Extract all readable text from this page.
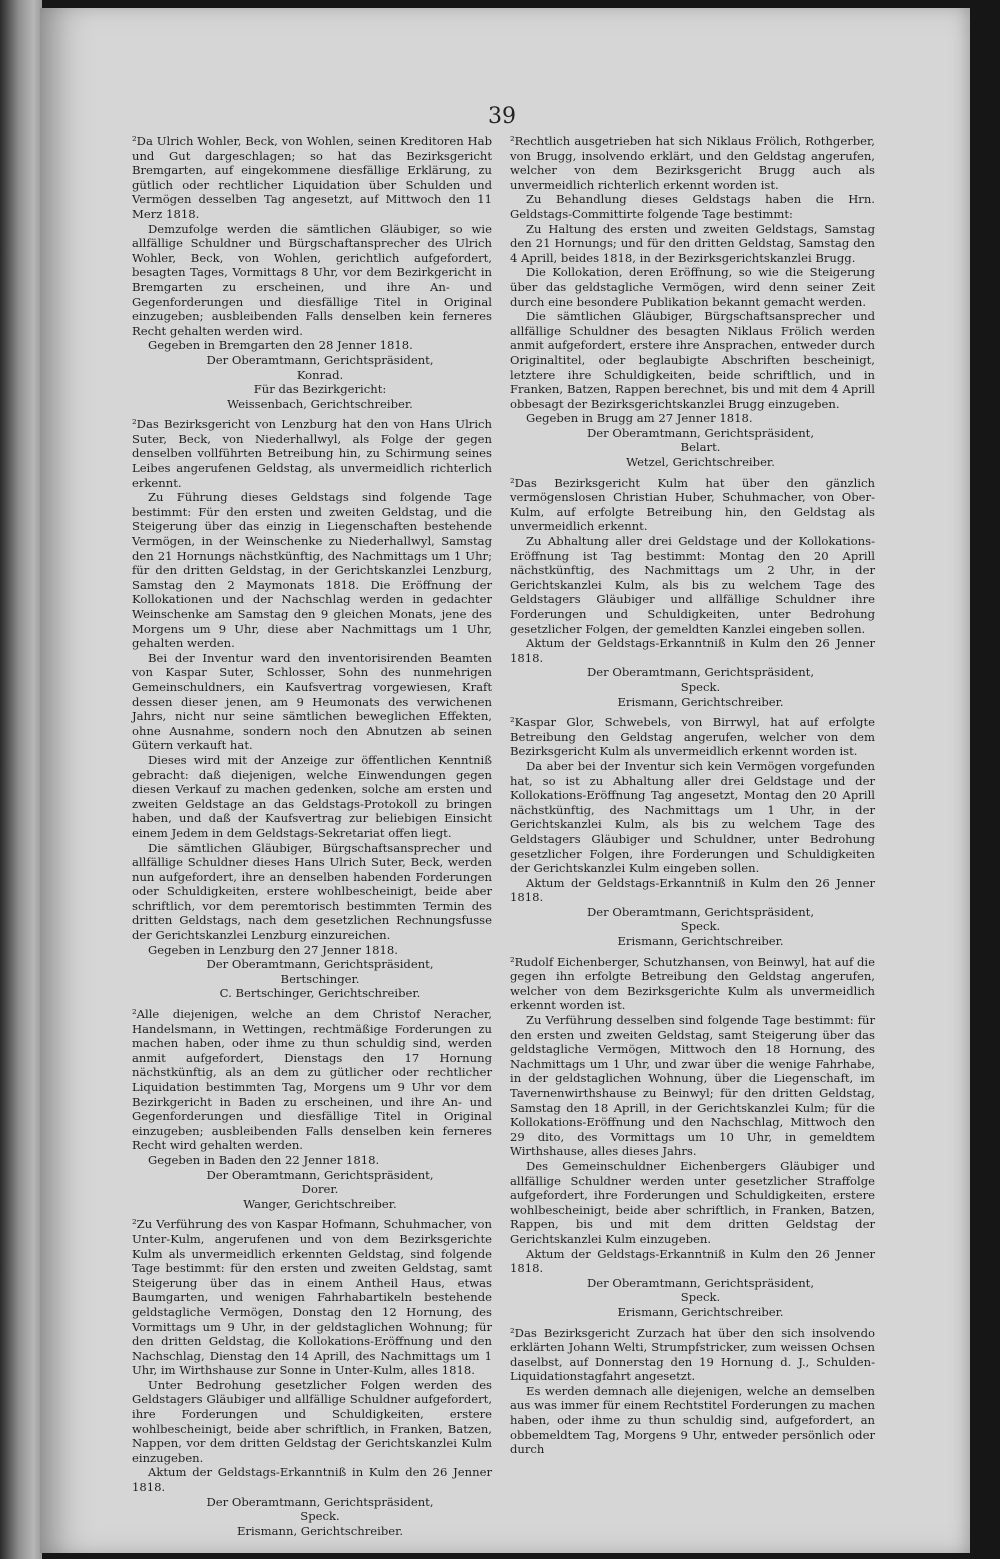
39

²Da Ulrich Wohler, Beck, von Wohlen, seinen Kreditoren Hab und Gut dargeschlagen; so hat das Bezirksgericht Bremgarten, auf eingekommene diesfällige Erklärung, zu gütlich oder rechtlicher Liquidation über Schulden und Vermögen desselben Tag angesetzt, auf Mittwoch den 11 Merz 1818.

Demzufolge werden die sämtlichen Gläubiger, so wie allfällige Schuldner und Bürgschaftansprecher des Ulrich Wohler, Beck, von Wohlen, gerichtlich aufgefordert, besagten Tages, Vormittags 8 Uhr, vor dem Bezirkgericht in Bremgarten zu erscheinen, und ihre An- und Gegenforderungen und diesfällige Titel in Original einzugeben; ausbleibenden Falls denselben kein ferneres Recht gehalten werden wird.

Gegeben in Bremgarten den 28 Jenner 1818.

Der Oberamtmann, Gerichtspräsident,

Konrad.

Für das Bezirkgericht:

Weissenbach, Gerichtschreiber.

²Das Bezirksgericht von Lenzburg hat den von Hans Ulrich Suter, Beck, von Niederhallwyl, als Folge der gegen denselben vollführten Betreibung hin, zu Schirmung seines Leibes angerufenen Geldstag, als unvermeidlich richterlich erkennt.

Zu Führung dieses Geldstags sind folgende Tage bestimmt: Für den ersten und zweiten Geldstag, und die Steigerung über das einzig in Liegenschaften bestehende Vermögen, in der Weinschenke zu Niederhallwyl, Samstag den 21 Hornungs nächstkünftig, des Nachmittags um 1 Uhr; für den dritten Geldstag, in der Gerichtskanzlei Lenzburg, Samstag den 2 Maymonats 1818. Die Eröffnung der Kollokationen und der Nachschlag werden in gedachter Weinschenke am Samstag den 9 gleichen Monats, jene des Morgens um 9 Uhr, diese aber Nachmittags um 1 Uhr, gehalten werden.

Bei der Inventur ward den inventorisirenden Beamten von Kaspar Suter, Schlosser, Sohn des nunmehrigen Gemeinschuldners, ein Kaufsvertrag vorgewiesen, Kraft dessen dieser jenen, am 9 Heumonats des verwichenen Jahrs, nicht nur seine sämtlichen beweglichen Effekten, ohne Ausnahme, sondern noch den Abnutzen ab seinen Gütern verkauft hat.

Dieses wird mit der Anzeige zur öffentlichen Kenntniß gebracht: daß diejenigen, welche Einwendungen gegen diesen Verkauf zu machen gedenken, solche am ersten und zweiten Geldstage an das Geldstags-Protokoll zu bringen haben, und daß der Kaufsvertrag zur beliebigen Einsicht einem Jedem in dem Geldstags-Sekretariat offen liegt.

Die sämtlichen Gläubiger, Bürgschaftsansprecher und allfällige Schuldner dieses Hans Ulrich Suter, Beck, werden nun aufgefordert, ihre an denselben habenden Forderungen oder Schuldigkeiten, erstere wohlbescheinigt, beide aber schriftlich, vor dem peremtorisch bestimmten Termin des dritten Geldstags, nach dem gesetzlichen Rechnungsfusse der Gerichtskanzlei Lenzburg einzureichen.

Gegeben in Lenzburg den 27 Jenner 1818.

Der Oberamtmann, Gerichtspräsident,

Bertschinger.

C. Bertschinger, Gerichtschreiber.

²Alle diejenigen, welche an dem Christof Neracher, Handelsmann, in Wettingen, rechtmäßige Forderungen zu machen haben, oder ihme zu thun schuldig sind, werden anmit aufgefordert, Dienstags den 17 Hornung nächstkünftig, als an dem zu gütlicher oder rechtlicher Liquidation bestimmten Tag, Morgens um 9 Uhr vor dem Bezirkgericht in Baden zu erscheinen, und ihre An- und Gegenforderungen und diesfällige Titel in Original einzugeben; ausbleibenden Falls denselben kein ferneres Recht wird gehalten werden.

Gegeben in Baden den 22 Jenner 1818.

Der Oberamtmann, Gerichtspräsident,

Dorer.

Wanger, Gerichtschreiber.

²Zu Verführung des von Kaspar Hofmann, Schuhmacher, von Unter-Kulm, angerufenen und von dem Bezirksgerichte Kulm als unvermeidlich erkennten Geldstag, sind folgende Tage bestimmt: für den ersten und zweiten Geldstag, samt Steigerung über das in einem Antheil Haus, etwas Baumgarten, und wenigen Fahrhabartikeln bestehende geldstagliche Vermögen, Donstag den 12 Hornung, des Vormittags um 9 Uhr, in der geldstaglichen Wohnung; für den dritten Geldstag, die Kollokations-Eröffnung und den Nachschlag, Dienstag den 14 Aprill, des Nachmittags um 1 Uhr, im Wirthshause zur Sonne in Unter-Kulm, alles 1818.

Unter Bedrohung gesetzlicher Folgen werden des Geldstagers Gläubiger und allfällige Schuldner aufgefordert, ihre Forderungen und Schuldigkeiten, erstere wohlbescheinigt, beide aber schriftlich, in Franken, Batzen, Nappen, vor dem dritten Geldstag der Gerichtskanzlei Kulm einzugeben.

Aktum der Geldstags-Erkanntniß in Kulm den 26 Jenner 1818.

Der Oberamtmann, Gerichtspräsident,

Speck.

Erismann, Gerichtschreiber.

²Rechtlich ausgetrieben hat sich Niklaus Frölich, Rothgerber, von Brugg, insolvendo erklärt, und den Geldstag angerufen, welcher von dem Bezirksgericht Brugg auch als unvermeidlich richterlich erkennt worden ist.

Zu Behandlung dieses Geldstags haben die Hrn. Geldstags-Committirte folgende Tage bestimmt:

Zu Haltung des ersten und zweiten Geldstags, Samstag den 21 Hornungs; und für den dritten Geldstag, Samstag den 4 Aprill, beides 1818, in der Bezirksgerichtskanzlei Brugg.

Die Kollokation, deren Eröffnung, so wie die Steigerung über das geldstagliche Vermögen, wird denn seiner Zeit durch eine besondere Publikation bekannt gemacht werden.

Die sämtlichen Gläubiger, Bürgschaftsansprecher und allfällige Schuldner des besagten Niklaus Frölich werden anmit aufgefordert, erstere ihre Ansprachen, entweder durch Originaltitel, oder beglaubigte Abschriften bescheinigt, letztere ihre Schuldigkeiten, beide schriftlich, und in Franken, Batzen, Rappen berechnet, bis und mit dem 4 Aprill obbesagt der Bezirksgerichtskanzlei Brugg einzugeben.

Gegeben in Brugg am 27 Jenner 1818.

Der Oberamtmann, Gerichtspräsident,

Belart.

Wetzel, Gerichtschreiber.

²Das Bezirksgericht Kulm hat über den gänzlich vermögenslosen Christian Huber, Schuhmacher, von Ober-Kulm, auf erfolgte Betreibung hin, den Geldstag als unvermeidlich erkennt.

Zu Abhaltung aller drei Geldstage und der Kollokations-Eröffnung ist Tag bestimmt: Montag den 20 Aprill nächstkünftig, des Nachmittags um 2 Uhr, in der Gerichtskanzlei Kulm, als bis zu welchem Tage des Geldstagers Gläubiger und allfällige Schuldner ihre Forderungen und Schuldigkeiten, unter Bedrohung gesetzlicher Folgen, der gemeldten Kanzlei eingeben sollen.

Aktum der Geldstags-Erkanntniß in Kulm den 26 Jenner 1818.

Der Oberamtmann, Gerichtspräsident,

Speck.

Erismann, Gerichtschreiber.

²Kaspar Glor, Schwebels, von Birrwyl, hat auf erfolgte Betreibung den Geldstag angerufen, welcher von dem Bezirksgericht Kulm als unvermeidlich erkennt worden ist.

Da aber bei der Inventur sich kein Vermögen vorgefunden hat, so ist zu Abhaltung aller drei Geldstage und der Kollokations-Eröffnung Tag angesetzt, Montag den 20 Aprill nächstkünftig, des Nachmittags um 1 Uhr, in der Gerichtskanzlei Kulm, als bis zu welchem Tage des Geldstagers Gläubiger und Schuldner, unter Bedrohung gesetzlicher Folgen, ihre Forderungen und Schuldigkeiten der Gerichtskanzlei Kulm eingeben sollen.

Aktum der Geldstags-Erkanntniß in Kulm den 26 Jenner 1818.

Der Oberamtmann, Gerichtspräsident,

Speck.

Erismann, Gerichtschreiber.

²Rudolf Eichenberger, Schutzhansen, von Beinwyl, hat auf die gegen ihn erfolgte Betreibung den Geldstag angerufen, welcher von dem Bezirksgerichte Kulm als unvermeidlich erkennt worden ist.

Zu Verführung desselben sind folgende Tage bestimmt: für den ersten und zweiten Geldstag, samt Steigerung über das geldstagliche Vermögen, Mittwoch den 18 Hornung, des Nachmittags um 1 Uhr, und zwar über die wenige Fahrhabe, in der geldstaglichen Wohnung, über die Liegenschaft, im Tavernenwirthshause zu Beinwyl; für den dritten Geldstag, Samstag den 18 Aprill, in der Gerichtskanzlei Kulm; für die Kollokations-Eröffnung und den Nachschlag, Mittwoch den 29 dito, des Vormittags um 10 Uhr, in gemeldtem Wirthshause, alles dieses Jahrs.

Des Gemeinschuldner Eichenbergers Gläubiger und allfällige Schuldner werden unter gesetzlicher Straffolge aufgefordert, ihre Forderungen und Schuldigkeiten, erstere wohlbescheinigt, beide aber schriftlich, in Franken, Batzen, Rappen, bis und mit dem dritten Geldstag der Gerichtskanzlei Kulm einzugeben.

Aktum der Geldstags-Erkanntniß in Kulm den 26 Jenner 1818.

Der Oberamtmann, Gerichtspräsident,

Speck.

Erismann, Gerichtschreiber.

²Das Bezirksgericht Zurzach hat über den sich insolvendo erklärten Johann Welti, Strumpfstricker, zum weissen Ochsen daselbst, auf Donnerstag den 19 Hornung d. J., Schulden-Liquidationstagfahrt angesetzt.

Es werden demnach alle diejenigen, welche an demselben aus was immer für einem Rechtstitel Forderungen zu machen haben, oder ihme zu thun schuldig sind, aufgefordert, an obbemeldtem Tag, Morgens 9 Uhr, entweder persönlich oder durch
